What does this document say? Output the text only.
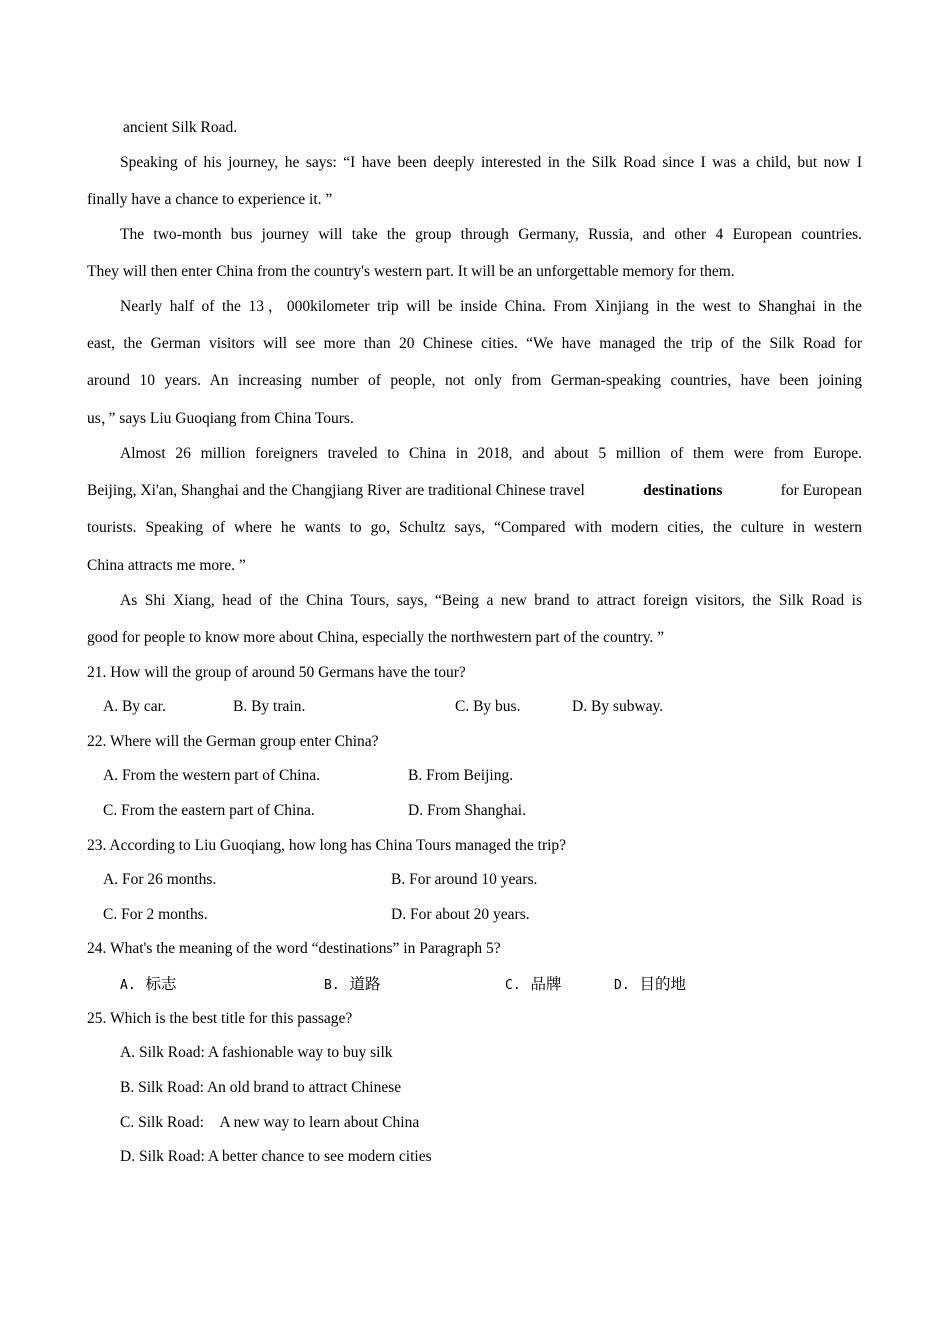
ancient Silk Road.
Speaking of his journey, he says: “I have been deeply interested in the Silk Road since I was a child, but now I
finally have a chance to experience it. ”
The two-month bus journey will take the group through Germany, Russia, and other 4 European countries.
They will then enter China from the country's western part. It will be an unforgettable memory for them.
Nearly half of the 13，000kilometer trip will be inside China. From Xinjiang in the west to Shanghai in the
east, the German visitors will see more than 20 Chinese cities. “We have managed the trip of the Silk Road for
around 10 years. An increasing number of people, not only from German-speaking countries, have been joining
us，” says Liu Guoqiang from China Tours.
Almost 26 million foreigners traveled to China in 2018, and about 5 million of them were from Europe.
Beijing, Xi'an, Shanghai and the Changjiang River are traditional Chinese travel	destinations	for European
tourists. Speaking of where he wants to go, Schultz says, “Compared with modern cities, the culture in western
China attracts me more. ”
As Shi Xiang, head of the China Tours, says, “Being a new brand to attract foreign visitors, the Silk Road is
good for people to know more about China, especially the northwestern part of the country. ”
21. How will the group of around 50 Germans have the tour?
A. By car.	B. By train.	C. By bus.	D. By subway.
22. Where will the German group enter China?
A. From the western part of China.	B. From Beijing.
C. From the eastern part of China.	D. From Shanghai.
23. According to Liu Guoqiang, how long has China Tours managed the trip?
A. For 26 months.	B. For around 10 years.
C. For 2 months.	D. For about 20 years.
24. What's the meaning of the word “destinations” in Paragraph 5?
A. 标志	B. 道路	C. 品牌	D. 目的地
25. Which is the best title for this passage?
A. Silk Road: A fashionable way to buy silk
B. Silk Road: An old brand to attract Chinese
C. Silk Road:　A new way to learn about China
D. Silk Road: A better chance to see modern cities
